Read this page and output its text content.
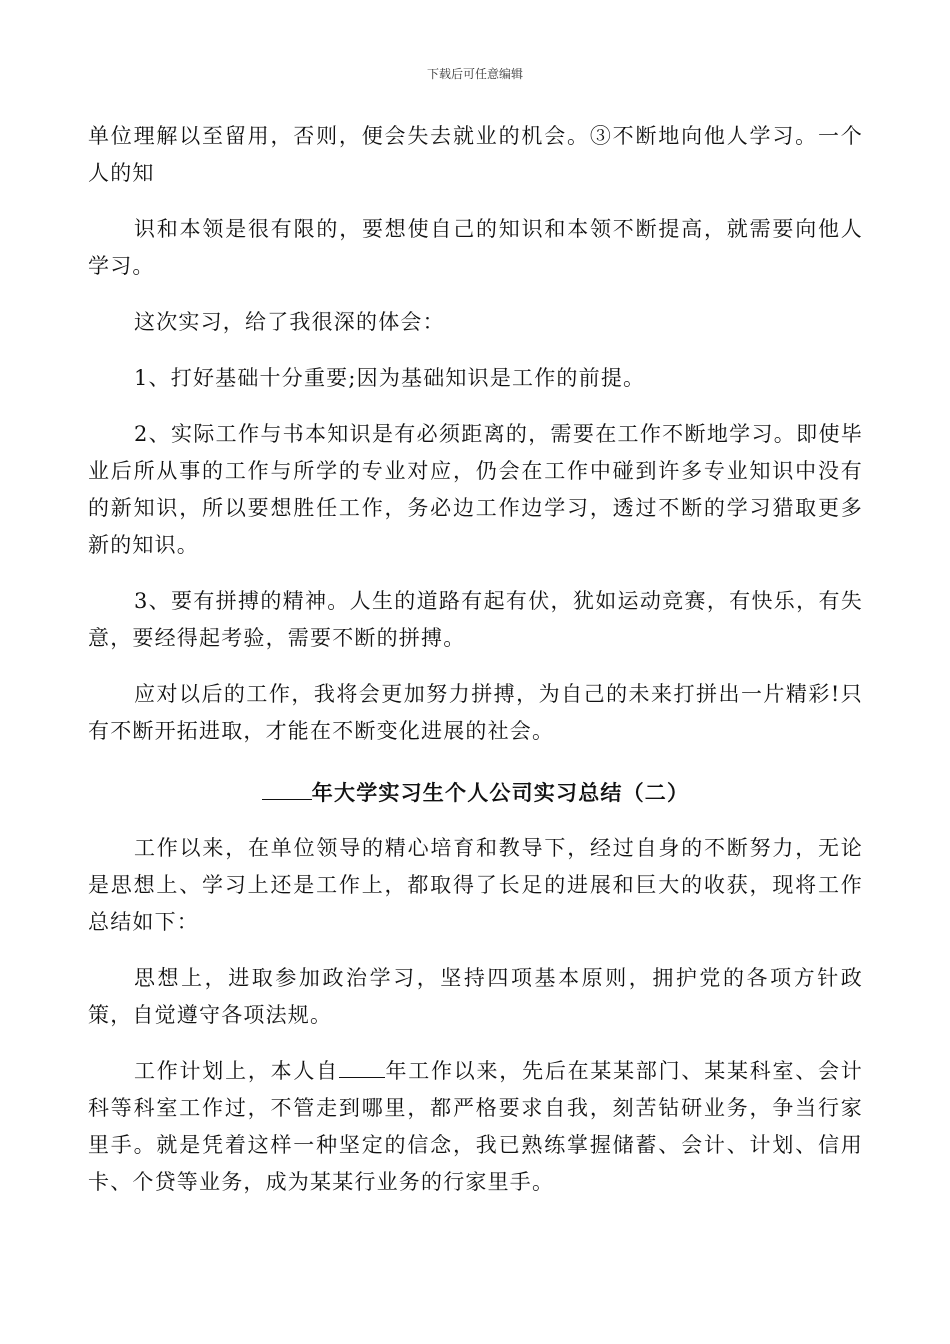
下载后可任意编辑

单位理解以至留用，否则，便会失去就业的机会。③不断地向他人学习。一个人的知

识和本领是很有限的，要想使自己的知识和本领不断提高，就需要向他人学习。

这次实习，给了我很深的体会：

1、打好基础十分重要;因为基础知识是工作的前提。

2、实际工作与书本知识是有必须距离的，需要在工作不断地学习。即使毕业后所从事的工作与所学的专业对应，仍会在工作中碰到许多专业知识中没有的新知识，所以要想胜任工作，务必边工作边学习，透过不断的学习猎取更多新的知识。

3、要有拼搏的精神。人生的道路有起有伏，犹如运动竞赛，有快乐，有失意，要经得起考验，需要不断的拼搏。

应对以后的工作，我将会更加努力拼搏，为自己的未来打拼出一片精彩!只有不断开拓进取，才能在不断变化进展的社会。

年大学实习生个人公司实习总结（二）

工作以来，在单位领导的精心培育和教导下，经过自身的不断努力，无论是思想上、学习上还是工作上，都取得了长足的进展和巨大的收获，现将工作总结如下：

思想上，进取参加政治学习，坚持四项基本原则，拥护党的各项方针政策，自觉遵守各项法规。

工作计划上，本人自 年工作以来，先后在某某部门、某某科室、会计科等科室工作过，不管走到哪里，都严格要求自我，刻苦钻研业务，争当行家里手。就是凭着这样一种坚定的信念，我已熟练掌握储蓄、会计、计划、信用卡、个贷等业务，成为某某行业务的行家里手。
